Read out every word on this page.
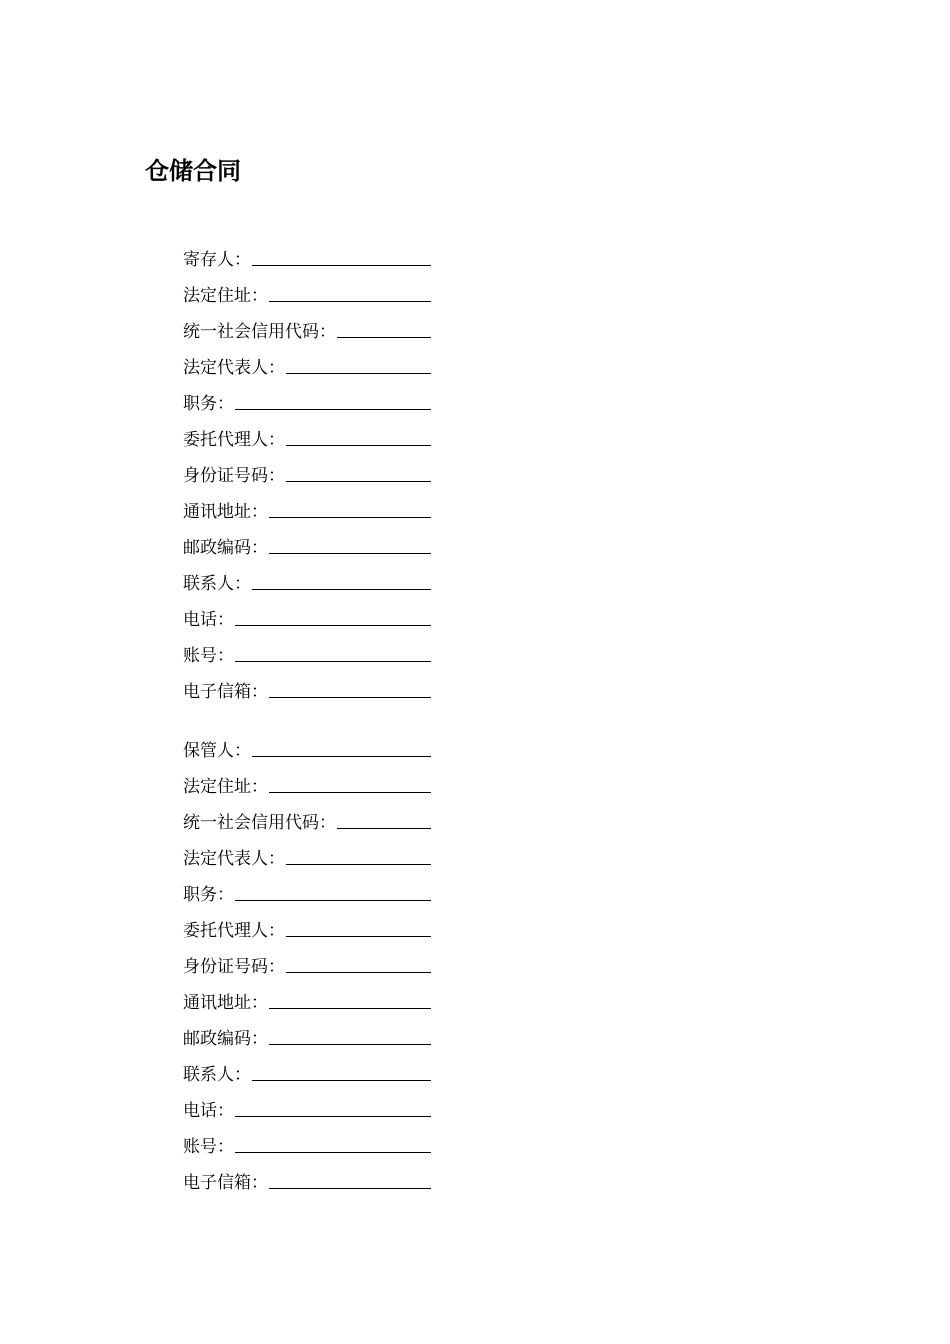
仓储合同
寄存人：
法定住址：
统一社会信用代码：
法定代表人：
职务：
委托代理人：
身份证号码：
通讯地址：
邮政编码：
联系人：
电话：
账号：
电子信箱：
保管人：
法定住址：
统一社会信用代码：
法定代表人：
职务：
委托代理人：
身份证号码：
通讯地址：
邮政编码：
联系人：
电话：
账号：
电子信箱：
